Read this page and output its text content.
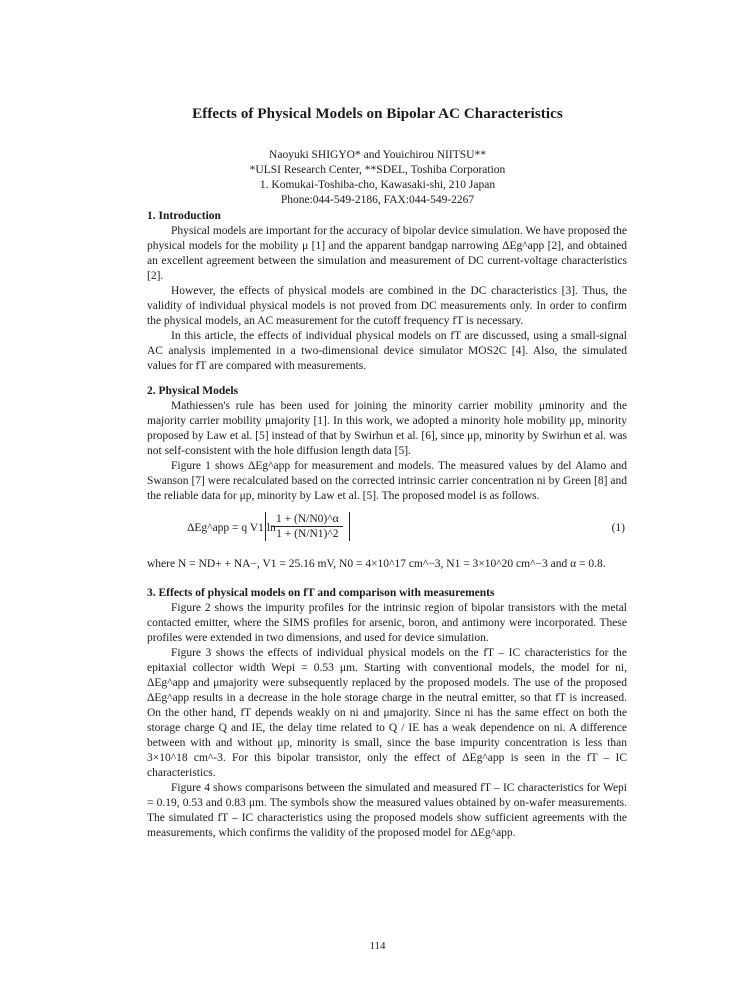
Effects of Physical Models on Bipolar AC Characteristics
Naoyuki SHIGYO* and Youichirou NIITSU**
*ULSI Research Center, **SDEL, Toshiba Corporation
1. Komukai-Toshiba-cho, Kawasaki-shi, 210 Japan
Phone:044-549-2186, FAX:044-549-2267
1. Introduction

Physical models are important for the accuracy of bipolar device simulation. We have proposed the physical models for the mobility μ [1] and the apparent bandgap narrowing ΔEg^app [2], and obtained an excellent agreement between the simulation and measurement of DC current-voltage characteristics [2].

However, the effects of physical models are combined in the DC characteristics [3]. Thus, the validity of individual physical models is not proved from DC measurements only. In order to confirm the physical models, an AC measurement for the cutoff frequency fT is necessary.

In this article, the effects of individual physical models on fT are discussed, using a small-signal AC analysis implemented in a two-dimensional device simulator MOS2C [4]. Also, the simulated values for fT are compared with measurements.

2. Physical Models

Mathiessen's rule has been used for joining the minority carrier mobility μminority and the majority carrier mobility μmajority [1]. In this work, we adopted a minority hole mobility μp, minority proposed by Law et al. [5] instead of that by Swirhun et al. [6], since μp, minority by Swirhun et al. was not self-consistent with the hole diffusion length data [5].

Figure 1 shows ΔEg^app for measurement and models. The measured values by del Alamo and Swanson [7] were recalculated based on the corrected intrinsic carrier concentration ni by Green [8] and the reliable data for μp, minority by Law et al. [5]. The proposed model is as follows.

ΔEg^app = q V1 ln
$\frac{1 + (N/N0)\^{}\alpha}{1 + (N/N1)\^{}2}$	(1)
where N = ND+ + NA−, V1 = 25.16 mV, N0 = 4×10^17 cm^−3, N1 = 3×10^20 cm^−3 and α = 0.8.
3. Effects of physical models on fT and comparison with measurements

Figure 2 shows the impurity profiles for the intrinsic region of bipolar transistors with the metal contacted emitter, where the SIMS profiles for arsenic, boron, and antimony were incorporated. These profiles were extended in two dimensions, and used for device simulation.

Figure 3 shows the effects of individual physical models on the fT – IC characteristics for the epitaxial collector width Wepi = 0.53 μm. Starting with conventional models, the model for ni, ΔEg^app and μmajority were subsequently replaced by the proposed models. The use of the proposed ΔEg^app results in a decrease in the hole storage charge in the neutral emitter, so that fT is increased. On the other hand, fT depends weakly on ni and μmajority. Since ni has the same effect on both the storage charge Q and IE, the delay time related to Q / IE has a weak dependence on ni. A difference between with and without μp, minority is small, since the base impurity concentration is less than 3×10^18 cm^-3. For this bipolar transistor, only the effect of ΔEg^app is seen in the fT – IC characteristics.

Figure 4 shows comparisons between the simulated and measured fT – IC characteristics for Wepi = 0.19, 0.53 and 0.83 μm. The symbols show the measured values obtained by on-wafer measurements. The simulated fT – IC characteristics using the proposed models show sufficient agreements with the measurements, which confirms the validity of the proposed model for ΔEg^app.

114
